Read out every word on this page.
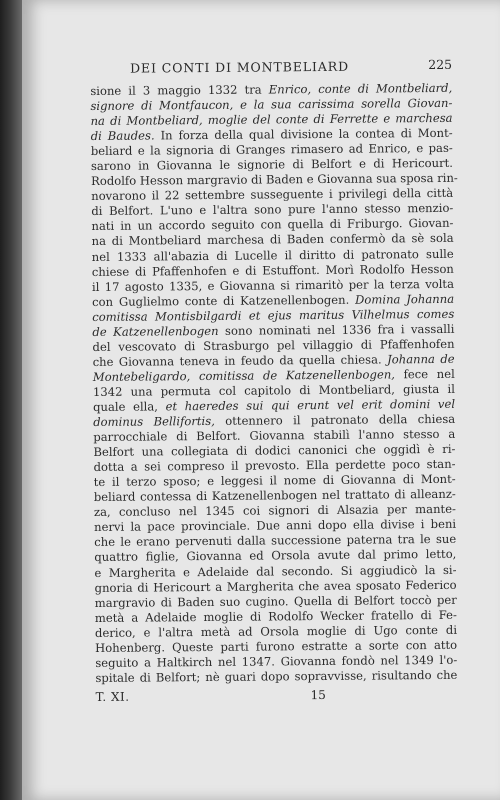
DEI CONTI DI MONTBELIARD	225
sione il 3 maggio 1332 tra Enrico, conte di Montbeliard,
signore di Montfaucon, e la sua carissima sorella Giovan-
na di Montbeliard, moglie del conte di Ferrette e marchesa
di Baudes. In forza della qual divisione la contea di Mont-
beliard e la signoria di Granges rimasero ad Enrico, e pas-
sarono in Giovanna le signorie di Belfort e di Hericourt.
Rodolfo Hesson margravio di Baden e Giovanna sua sposa rin-
novarono il 22 settembre susseguente i privilegi della città
di Belfort. L'uno e l'altra sono pure l'anno stesso menzio-
nati in un accordo seguito con quella di Friburgo. Giovan-
na di Montbeliard marchesa di Baden confermò da sè sola
nel 1333 all'abazia di Lucelle il diritto di patronato sulle
chiese di Pfaffenhofen e di Estuffont. Morì Rodolfo Hesson
il 17 agosto 1335, e Giovanna si rimaritò per la terza volta
con Guglielmo conte di Katzenellenbogen. Domina Johanna
comitissa Montisbilgardi et ejus maritus Vilhelmus comes
de Katzenellenbogen sono nominati nel 1336 fra i vassalli
del vescovato di Strasburgo pel villaggio di Pfaffenhofen
che Giovanna teneva in feudo da quella chiesa. Johanna de
Montebeligardo, comitissa de Katzenellenbogen, fece nel
1342 una permuta col capitolo di Montbeliard, giusta il
quale ella, et haeredes sui qui erunt vel erit domini vel
dominus Bellifortis, ottennero il patronato della chiesa
parrocchiale di Belfort. Giovanna stabilì l'anno stesso a
Belfort una collegiata di dodici canonici che oggidì è ri-
dotta a sei compreso il prevosto. Ella perdette poco stan-
te il terzo sposo; e leggesi il nome di Giovanna di Mont-
beliard contessa di Katzenellenbogen nel trattato di alleanz-
za, concluso nel 1345 coi signori di Alsazia per mante-
nervi la pace provinciale. Due anni dopo ella divise i beni
che le erano pervenuti dalla successione paterna tra le sue
quattro figlie, Giovanna ed Orsola avute dal primo letto,
e Margherita e Adelaide dal secondo. Si aggiudicò la si-
gnoria di Hericourt a Margherita che avea sposato Federico
margravio di Baden suo cugino. Quella di Belfort toccò per
metà a Adelaide moglie di Rodolfo Wecker fratello di Fe-
derico, e l'altra metà ad Orsola moglie di Ugo conte di
Hohenberg. Queste parti furono estratte a sorte con atto
seguito a Haltkirch nel 1347. Giovanna fondò nel 1349 l'o-
spitale di Belfort; nè guari dopo sopravvisse, risultando che
T. XI.	15
